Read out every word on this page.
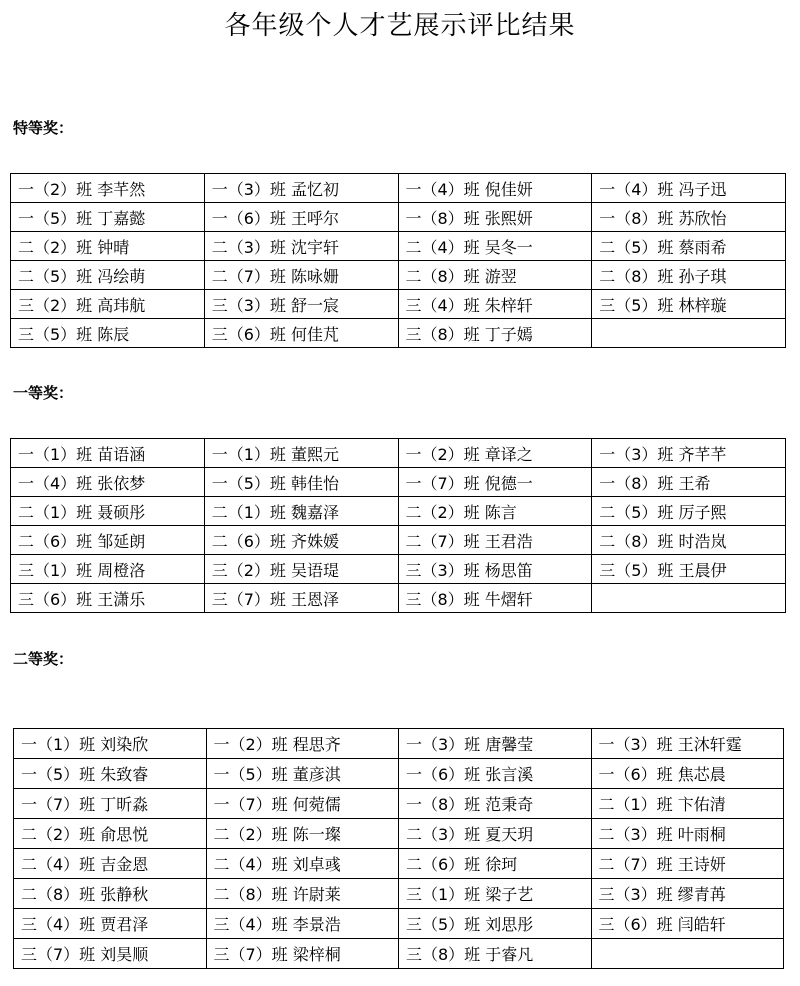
各年级个人才艺展示评比结果
特等奖：
一（2）班 李芊然	一（3）班 孟忆初	一（4）班 倪佳妍	一（4）班 冯子迅
一（5）班 丁嘉懿	一（6）班 王呼尔	一（8）班 张熙妍	一（8）班 苏欣怡
二（2）班 钟晴	二（3）班 沈宇轩	二（4）班 吴冬一	二（5）班 蔡雨希
二（5）班 冯绘萌	二（7）班 陈咏姗	二（8）班 游翌	二（8）班 孙子琪
三（2）班 高玮航	三（3）班 舒一宸	三（4）班 朱梓轩	三（5）班 林梓璇
三（5）班 陈辰	三（6）班 何佳芃	三（8）班 丁子嫣	
一等奖：
一（1）班 苗语涵	一（1）班 董熙元	一（2）班 章译之	一（3）班 齐芊芊
一（4）班 张依梦	一（5）班 韩佳怡	一（7）班 倪德一	一（8）班 王希
二（1）班 聂硕彤	二（1）班 魏嘉泽	二（2）班 陈言	二（5）班 厉子熙
二（6）班 邹延朗	二（6）班 齐姝媛	二（7）班 王君浩	二（8）班 时浩岚
三（1）班 周橙洛	三（2）班 吴语瑅	三（3）班 杨思笛	三（5）班 王晨伊
三（6）班 王潇乐	三（7）班 王恩泽	三（8）班 牛熠轩	
二等奖：
一（1）班 刘染欣	一（2）班 程思齐	一（3）班 唐馨莹	一（3）班 王沐轩霆
一（5）班 朱致睿	一（5）班 董彦淇	一（6）班 张言溪	一（6）班 焦芯晨
一（7）班 丁昕淼	一（7）班 何菀儒	一（8）班 范秉奇	二（1）班 卞佑清
二（2）班 俞思悦	二（2）班 陈一璨	二（3）班 夏天玥	二（3）班 叶雨桐
二（4）班 吉金恩	二（4）班 刘卓彧	二（6）班 徐珂	二（7）班 王诗妍
二（8）班 张静秋	二（8）班 许尉莱	三（1）班 梁子艺	三（3）班 缪青苒
三（4）班 贾君泽	三（4）班 李景浩	三（5）班 刘思彤	三（6）班 闫皓轩
三（7）班 刘昊顺	三（7）班 梁梓桐	三（8）班 于睿凡	
